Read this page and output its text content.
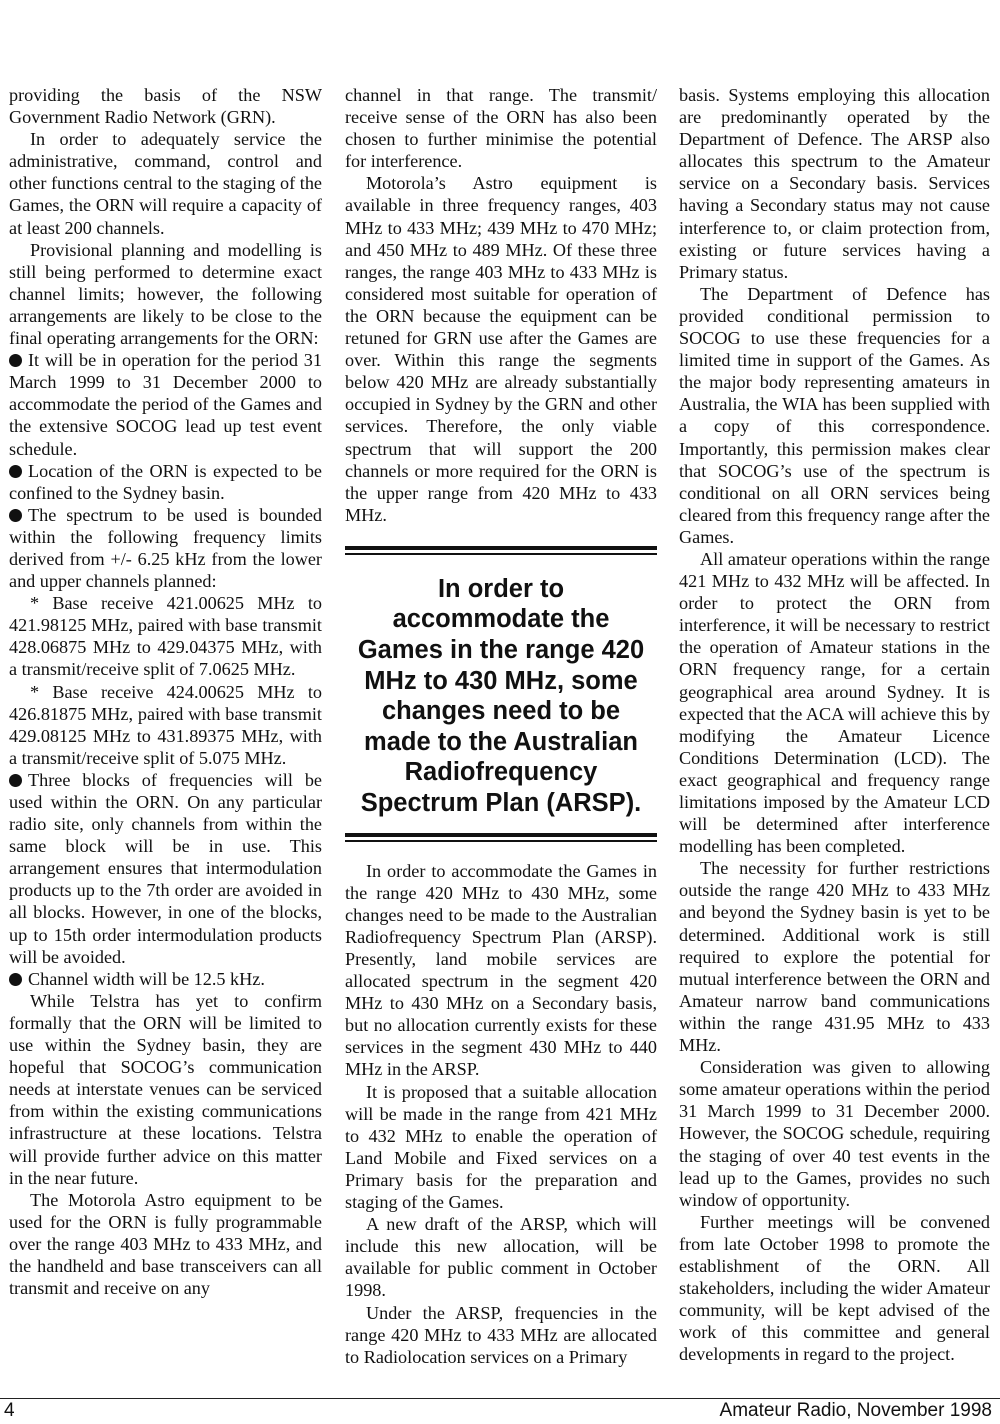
providing the basis of the NSW Government Radio Network (GRN).

In order to adequately service the administrative, command, control and other functions central to the staging of the Games, the ORN will require a capacity of at least 200 channels.

Provisional planning and modelling is still being performed to determine exact channel limits; however, the following arrangements are likely to be close to the final operating arrangements for the ORN:

It will be in operation for the period 31 March 1999 to 31 December 2000 to accommodate the period of the Games and the extensive SOCOG lead up test event schedule.

Location of the ORN is expected to be confined to the Sydney basin.

The spectrum to be used is bounded within the following frequency limits derived from +/- 6.25 kHz from the lower and upper channels planned:

* Base receive 421.00625 MHz to 421.98125 MHz, paired with base transmit 428.06875 MHz to 429.04375 MHz, with a transmit/receive split of 7.0625 MHz.

* Base receive 424.00625 MHz to 426.81875 MHz, paired with base transmit 429.08125 MHz to 431.89375 MHz, with a transmit/receive split of 5.075 MHz.

Three blocks of frequencies will be used within the ORN. On any particular radio site, only channels from within the same block will be in use. This arrangement ensures that intermodulation products up to the 7th order are avoided in all blocks. However, in one of the blocks, up to 15th order intermodulation products will be avoided.

Channel width will be 12.5 kHz.

While Telstra has yet to confirm formally that the ORN will be limited to use within the Sydney basin, they are hopeful that SOCOG’s communication needs at interstate venues can be serviced from within the existing communications infrastructure at these locations. Telstra will provide further advice on this matter in the near future.

The Motorola Astro equipment to be used for the ORN is fully programmable over the range 403 MHz to 433 MHz, and the handheld and base transceivers can all transmit and receive on any

channel in that range. The transmit/ receive sense of the ORN has also been chosen to further minimise the potential for interference.

Motorola’s Astro equipment is available in three frequency ranges, 403 MHz to 433 MHz; 439 MHz to 470 MHz; and 450 MHz to 489 MHz. Of these three ranges, the range 403 MHz to 433 MHz is considered most suitable for operation of the ORN because the equipment can be retuned for GRN use after the Games are over. Within this range the segments below 420 MHz are already substantially occupied in Sydney by the GRN and other services. Therefore, the only viable spectrum that will support the 200 channels or more required for the ORN is the upper range from 420 MHz to 433 MHz.

In order to accommodate the Games in the range 420 MHz to 430 MHz, some changes need to be made to the Australian Radiofrequency Spectrum Plan (ARSP).

In order to accommodate the Games in the range 420 MHz to 430 MHz, some changes need to be made to the Australian Radiofrequency Spectrum Plan (ARSP). Presently, land mobile services are allocated spectrum in the segment 420 MHz to 430 MHz on a Secondary basis, but no allocation currently exists for these services in the segment 430 MHz to 440 MHz in the ARSP.

It is proposed that a suitable allocation will be made in the range from 421 MHz to 432 MHz to enable the operation of Land Mobile and Fixed services on a Primary basis for the preparation and staging of the Games.

A new draft of the ARSP, which will include this new allocation, will be available for public comment in October 1998.

Under the ARSP, frequencies in the range 420 MHz to 433 MHz are allocated to Radiolocation services on a Primary

basis. Systems employing this allocation are predominantly operated by the Department of Defence. The ARSP also allocates this spectrum to the Amateur service on a Secondary basis. Services having a Secondary status may not cause interference to, or claim protection from, existing or future services having a Primary status.

The Department of Defence has provided conditional permission to SOCOG to use these frequencies for a limited time in support of the Games. As the major body representing amateurs in Australia, the WIA has been supplied with a copy of this correspondence. Importantly, this permission makes clear that SOCOG’s use of the spectrum is conditional on all ORN services being cleared from this frequency range after the Games.

All amateur operations within the range 421 MHz to 432 MHz will be affected. In order to protect the ORN from interference, it will be necessary to restrict the operation of Amateur stations in the ORN frequency range, for a certain geographical area around Sydney. It is expected that the ACA will achieve this by modifying the Amateur Licence Conditions Determination (LCD). The exact geographical and frequency range limitations imposed by the Amateur LCD will be determined after interference modelling has been completed.

The necessity for further restrictions outside the range 420 MHz to 433 MHz and beyond the Sydney basin is yet to be determined. Additional work is still required to explore the potential for mutual interference between the ORN and Amateur narrow band communications within the range 431.95 MHz to 433 MHz.

Consideration was given to allowing some amateur operations within the period 31 March 1999 to 31 December 2000. However, the SOCOG schedule, requiring the staging of over 40 test events in the lead up to the Games, provides no such window of opportunity.

Further meetings will be convened from late October 1998 to promote the establishment of the ORN. All stakeholders, including the wider Amateur community, will be kept advised of the work of this committee and general developments in regard to the project.

4	Amateur Radio, November 1998
